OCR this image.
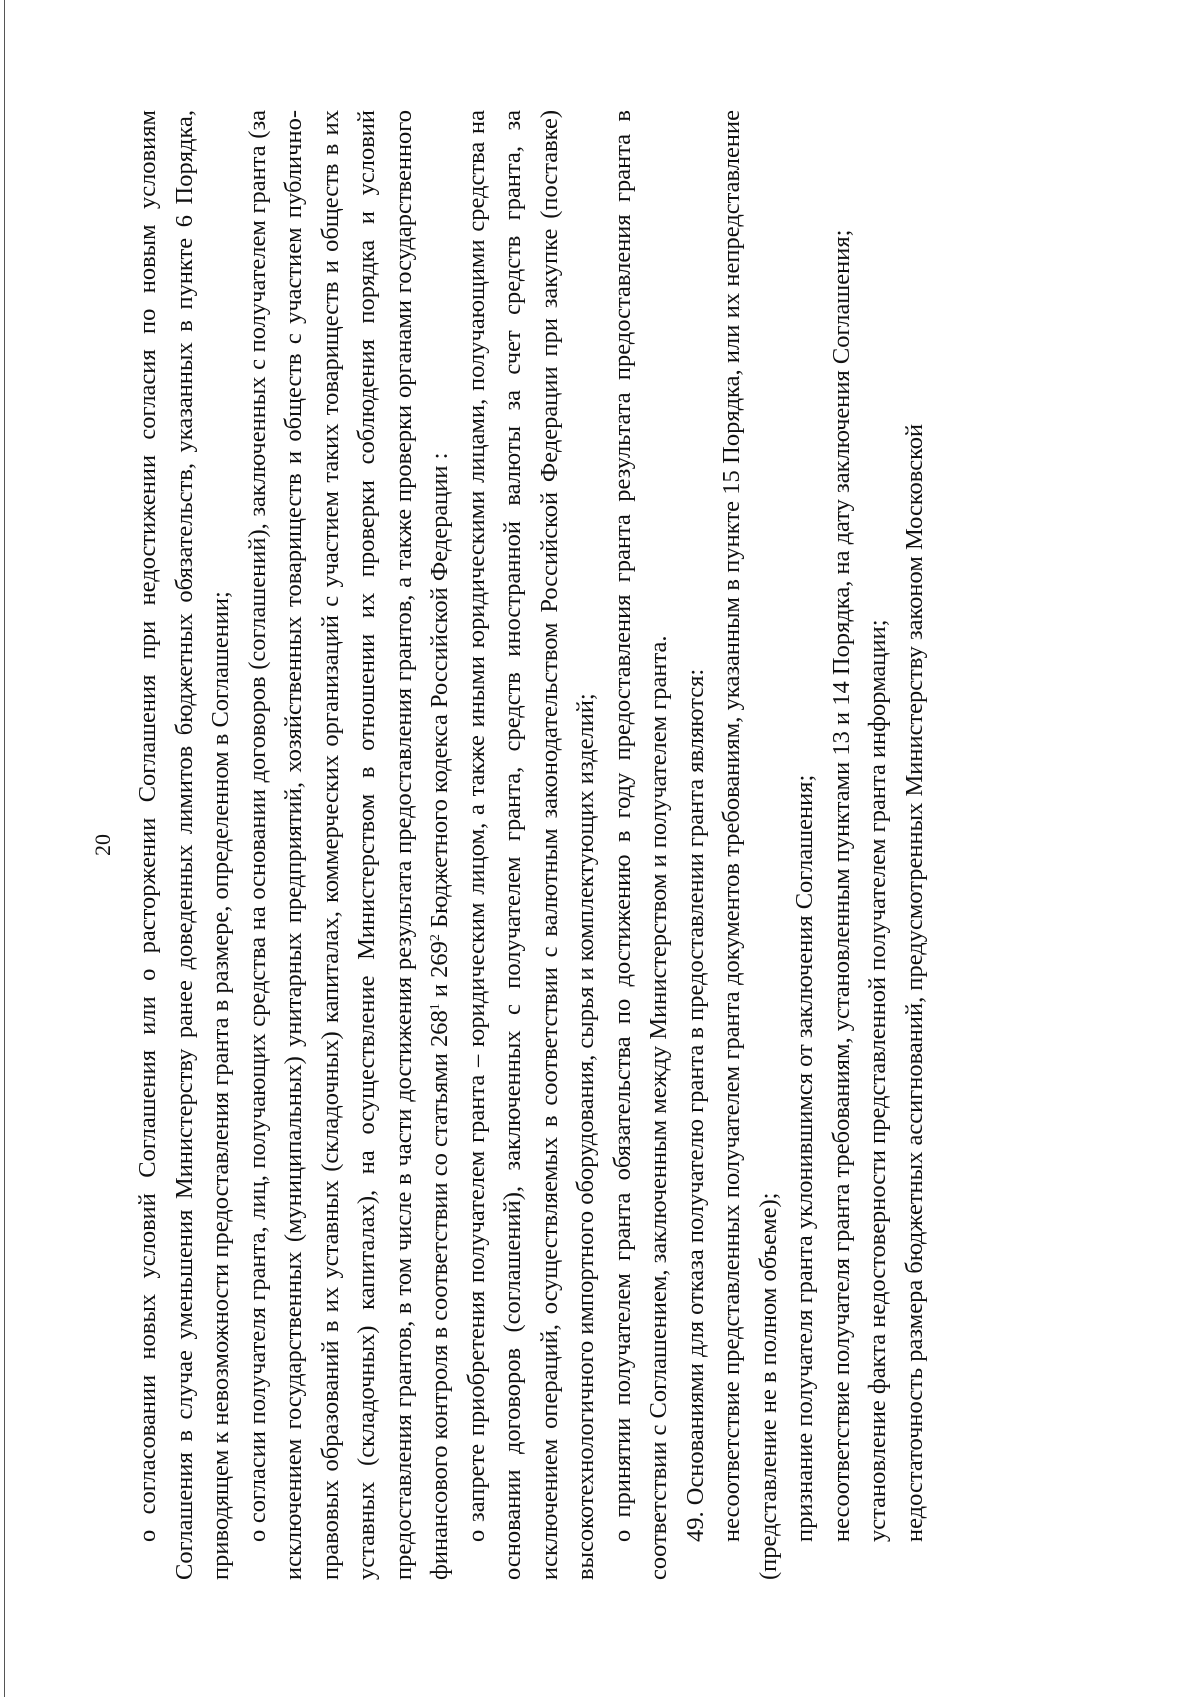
20 о согласовании новых условий Соглашения или о расторжении Соглашения при недостижении согласия по новым условиям Соглашения в случае уменьшения Министерству ранее доведенных лимитов бюджетных обязательств, указанных в пункте 6 Порядка, приводящем к невозможности предоставления гранта в размере, определенном в Соглашении; о согласии получателя гранта, лиц, получающих средства на основании договоров (соглашений), заключенных с получателем гранта (за исключением государственных (муниципальных) унитарных предприятий, хозяйственных товариществ и обществ с участием публично-правовых образований в их уставных (складочных) капиталах, коммерческих организаций с участием таких товариществ и обществ в их уставных (складочных) капиталах), на осуществление Министерством в отношении их проверки соблюдения порядка и условий предоставления грантов, в том числе в части достижения результата предоставления грантов, а также проверки органами государственного финансового контроля в соответствии со статьями $268^1$ и $269^2$ Бюджетного кодекса Российской Федерации : о запрете приобретения получателем гранта – юридическим лицом, а также иными юридическими лицами, получающими средства на основании договоров (соглашений), заключенных с получателем гранта, средств иностранной валюты за счет средств гранта, за исключением операций, осуществляемых в соответствии с валютным законодательством Российской Федерации при закупке (поставке) высокотехнологичного импортного оборудования, сырья и комплектующих изделий; о принятии получателем гранта обязательства по достижению в году предоставления гранта результата предоставления гранта в соответствии с Соглашением, заключенным между Министерством и получателем гранта. 49. Основаниями для отказа получателю гранта в предоставлении гранта являются: несоответствие представленных получателем гранта документов требованиям, указанным в пункте 15 Порядка, или их непредставление (представление не в полном объеме); признание получателя гранта уклонившимся от заключения Соглашения; несоответствие получателя гранта требованиям, установленным пунктами 13 и 14 Порядка, на дату заключения Соглашения; установление факта недостоверности представленной получателем гранта информации; недостаточность размера бюджетных ассигнований, предусмотренных Министерству законом Московской
